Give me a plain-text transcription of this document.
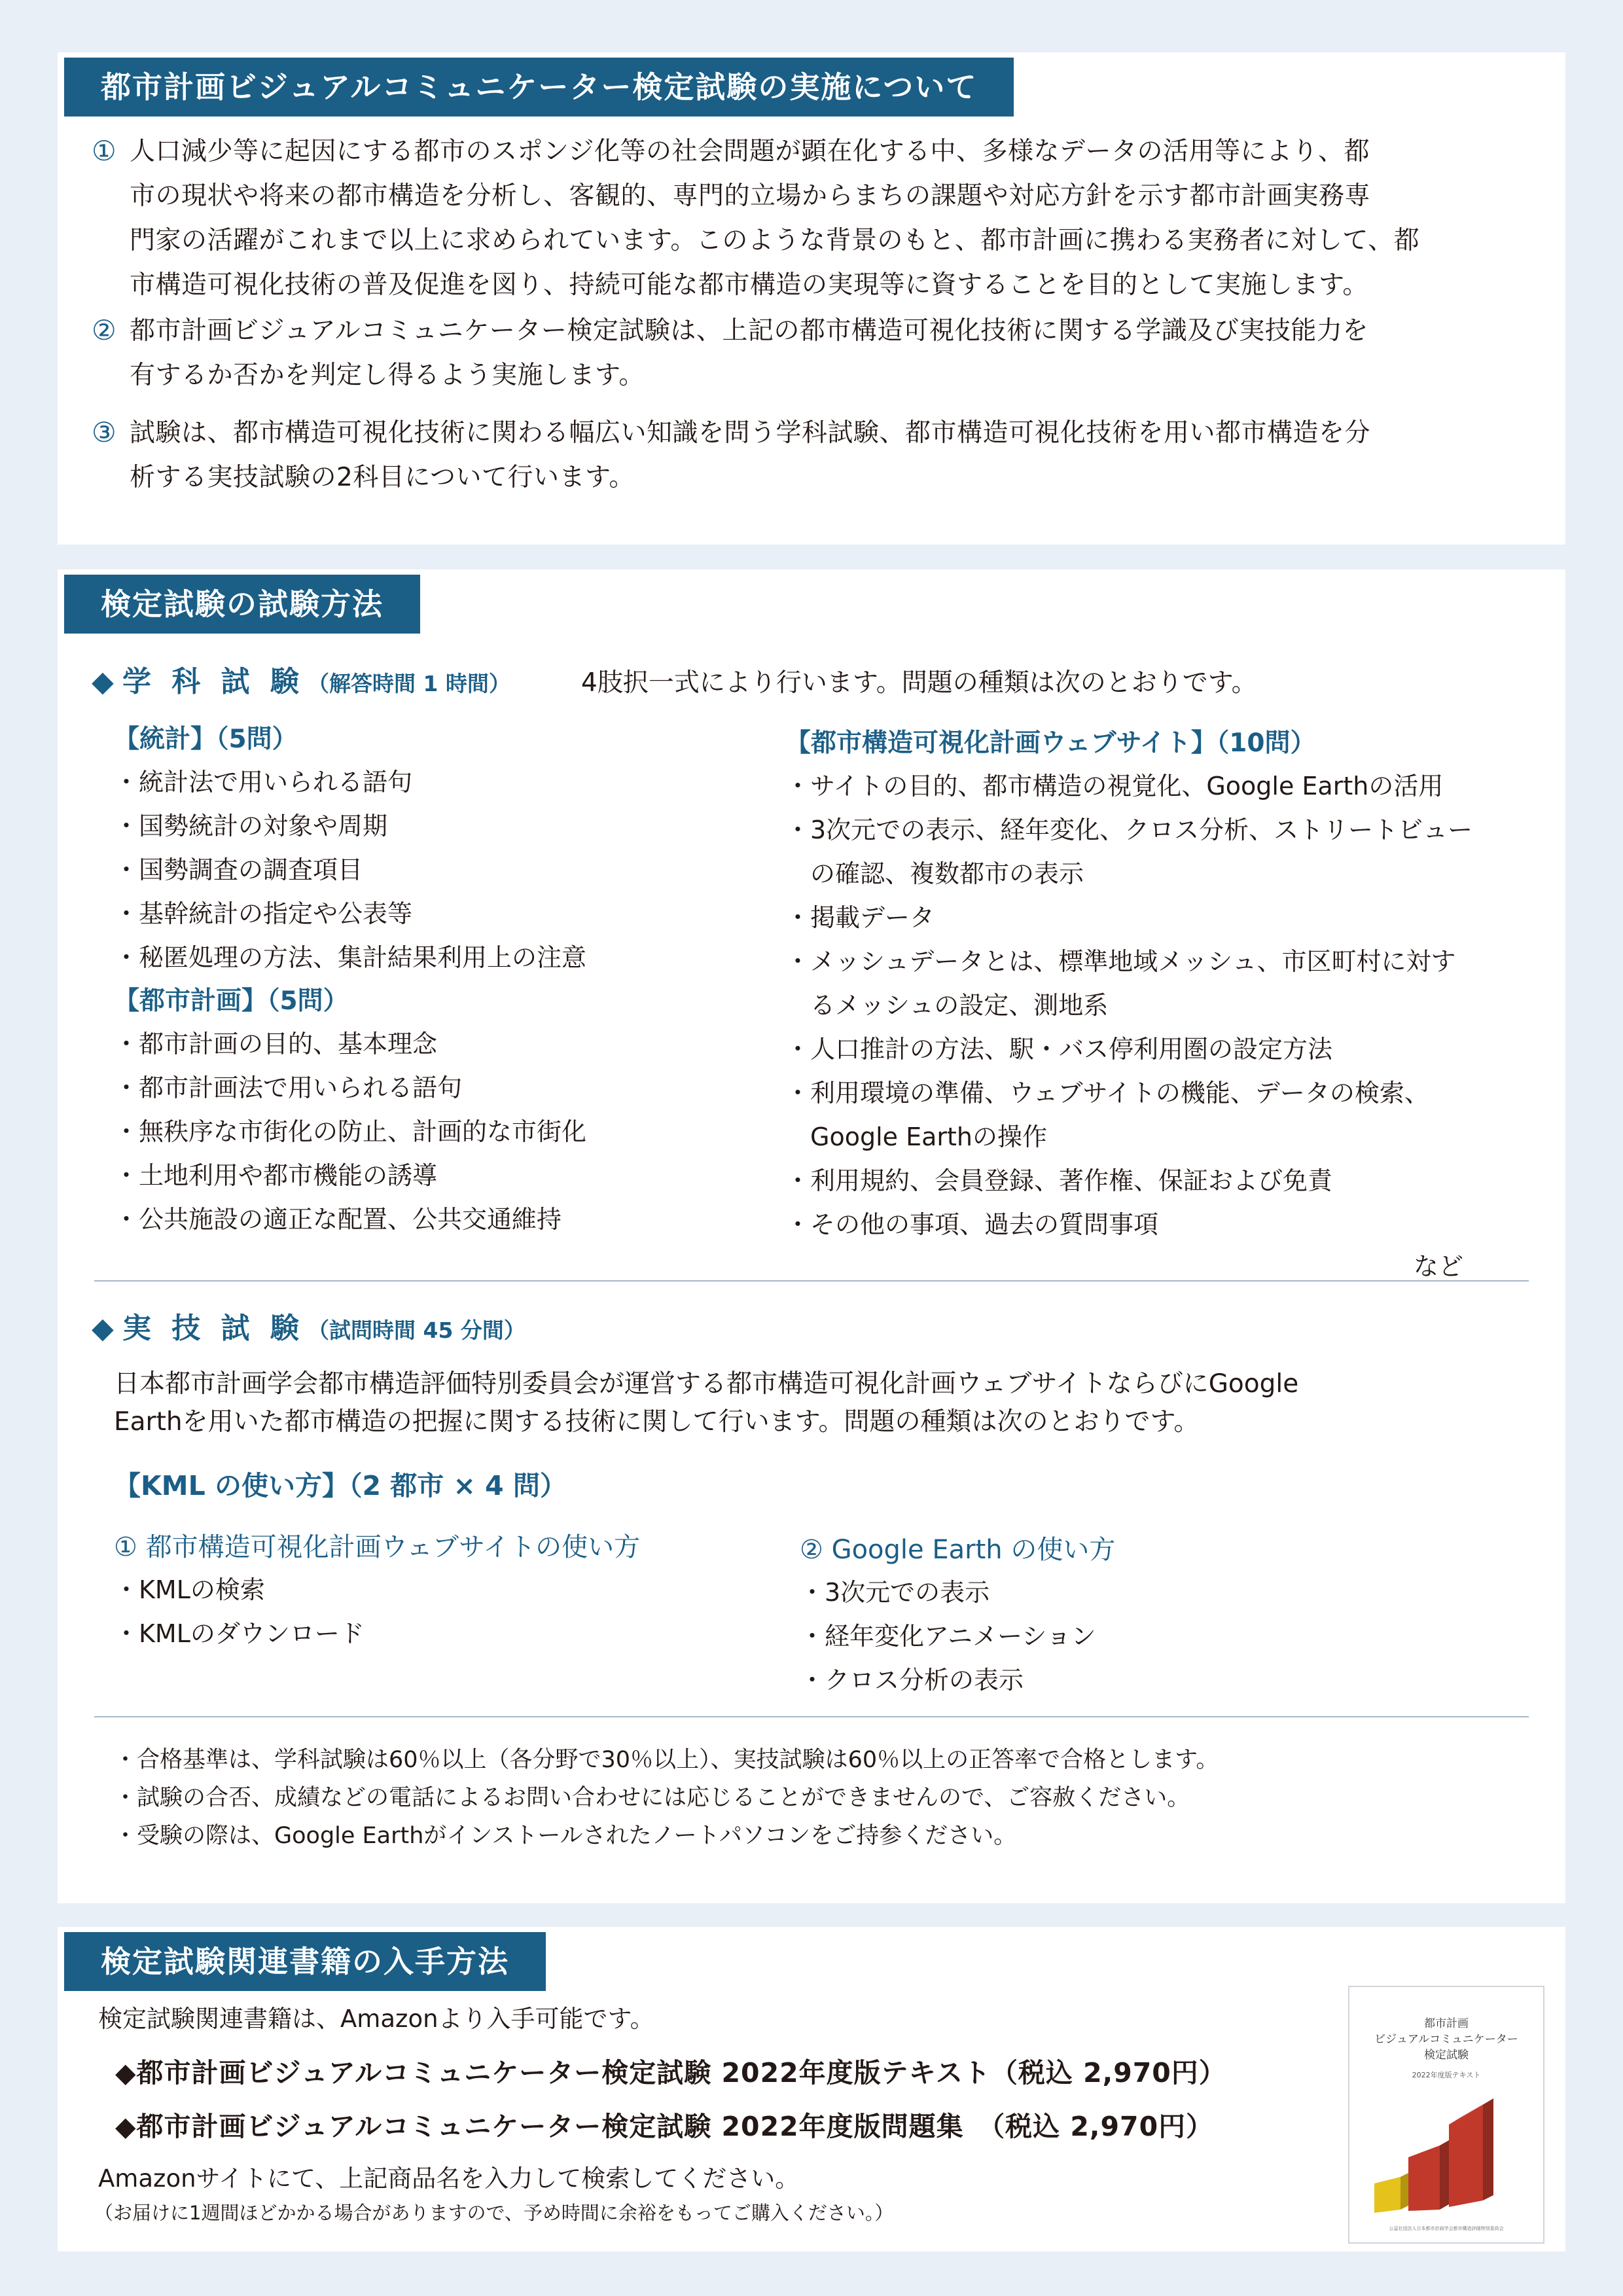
都市計画ビジュアルコミュニケーター検定試験の実施について
① 人口減少等に起因にする都市のスポンジ化等の社会問題が顕在化する中、多様なデータの活用等により、都
市の現状や将来の都市構造を分析し、客観的、専門的立場からまちの課題や対応方針を示す都市計画実務専
門家の活躍がこれまで以上に求められています。このような背景のもと、都市計画に携わる実務者に対して、都
市構造可視化技術の普及促進を図り、持続可能な都市構造の実現等に資することを目的として実施します。
② 都市計画ビジュアルコミュニケーター検定試験は、上記の都市構造可視化技術に関する学識及び実技能力を
有するか否かを判定し得るよう実施します。
③ 試験は、都市構造可視化技術に関わる幅広い知識を問う学科試験、都市構造可視化技術を用い都市構造を分
析する実技試験の2科目について行います。
検定試験の試験方法
◆ 学 科 試 験 （解答時間 1 時間）	4肢択一式により行います。問題の種類は次のとおりです。
【統計】（5問）
・統計法で用いられる語句
・国勢統計の対象や周期
・国勢調査の調査項目
・基幹統計の指定や公表等
・秘匿処理の方法、集計結果利用上の注意
【都市計画】（5問）
・都市計画の目的、基本理念
・都市計画法で用いられる語句
・無秩序な市街化の防止、計画的な市街化
・土地利用や都市機能の誘導
・公共施設の適正な配置、公共交通維持
【都市構造可視化計画ウェブサイト】（10問）
・サイトの目的、都市構造の視覚化、Google Earthの活用
・3次元での表示、経年変化、クロス分析、ストリートビュー
　の確認、複数都市の表示
・掲載データ
・メッシュデータとは、標準地域メッシュ、市区町村に対す
　るメッシュの設定、測地系
・人口推計の方法、駅・バス停利用圏の設定方法
・利用環境の準備、ウェブサイトの機能、データの検索、
　Google Earthの操作
・利用規約、会員登録、著作権、保証および免責
・その他の事項、過去の質問事項
など
◆ 実 技 試 験 （試問時間 45 分間）
日本都市計画学会都市構造評価特別委員会が運営する都市構造可視化計画ウェブサイトならびにGoogle
Earthを用いた都市構造の把握に関する技術に関して行います。問題の種類は次のとおりです。
【KML の使い方】（2 都市 × 4 問）
① 都市構造可視化計画ウェブサイトの使い方
・KMLの検索
・KMLのダウンロード
② Google Earth の使い方
・3次元での表示
・経年変化アニメーション
・クロス分析の表示
・合格基準は、学科試験は60％以上（各分野で30％以上）、実技試験は60％以上の正答率で合格とします。
・試験の合否、成績などの電話によるお問い合わせには応じることができませんので、ご容赦ください。
・受験の際は、Google Earthがインストールされたノートパソコンをご持参ください。
検定試験関連書籍の入手方法
検定試験関連書籍は、Amazonより入手可能です。
◆都市計画ビジュアルコミュニケーター検定試験 2022年度版テキスト（税込 2,970円）
◆都市計画ビジュアルコミュニケーター検定試験 2022年度版問題集　（税込 2,970円）
Amazonサイトにて、上記商品名を入力して検索してください。
（お届けに1週間ほどかかる場合がありますので、予め時間に余裕をもってご購入ください。）
都市計画
ビジュアルコミュニケーター
検定試験
2022年度版テキスト
公益社団法人日本都市計画学会都市構造評価特別委員会
